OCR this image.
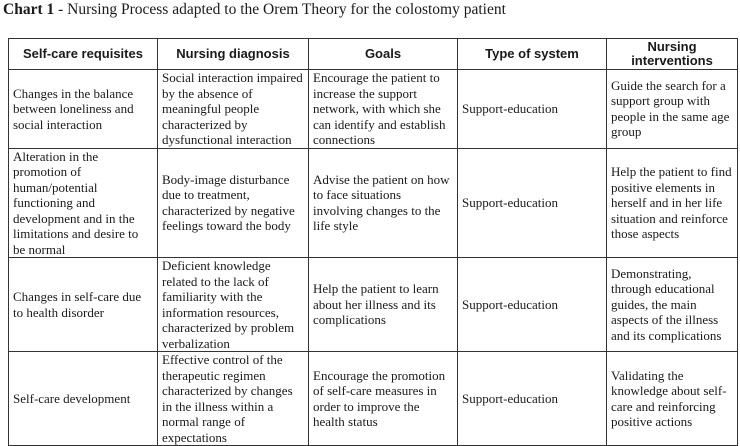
Chart 1 - Nursing Process adapted to the Orem Theory for the colostomy patient
Self-care requisites	Nursing diagnosis	Goals	Type of system	Nursing interventions

Changes in the balance between loneliness and social interaction	Social interaction impaired by the absence of meaningful people characterized by dysfunctional interaction	Encourage the patient to increase the support network, with which she can identify and establish connections	Support-education	Guide the search for a support group with people in the same age group

Alteration in the promotion of human/potential functioning and development and in the limitations and desire to be normal	Body-image disturbance due to treatment, characterized by negative feelings toward the body	Advise the patient on how to face situations involving changes to the life style	Support-education	Help the patient to find positive elements in herself and in her life situation and reinforce those aspects

Changes in self-care due to health disorder	Deficient knowledge related to the lack of familiarity with the information resources, characterized by problem verbalization	Help the patient to learn about her illness and its complications	Support-education	Demonstrating, through educational guides, the main aspects of the illness and its complications

Self-care development	Effective control of the therapeutic regimen characterized by changes in the illness within a normal range of expectations	Encourage the promotion of self-care measures in order to improve the health status	Support-education	Validating the knowledge about self-care and reinforcing positive actions
